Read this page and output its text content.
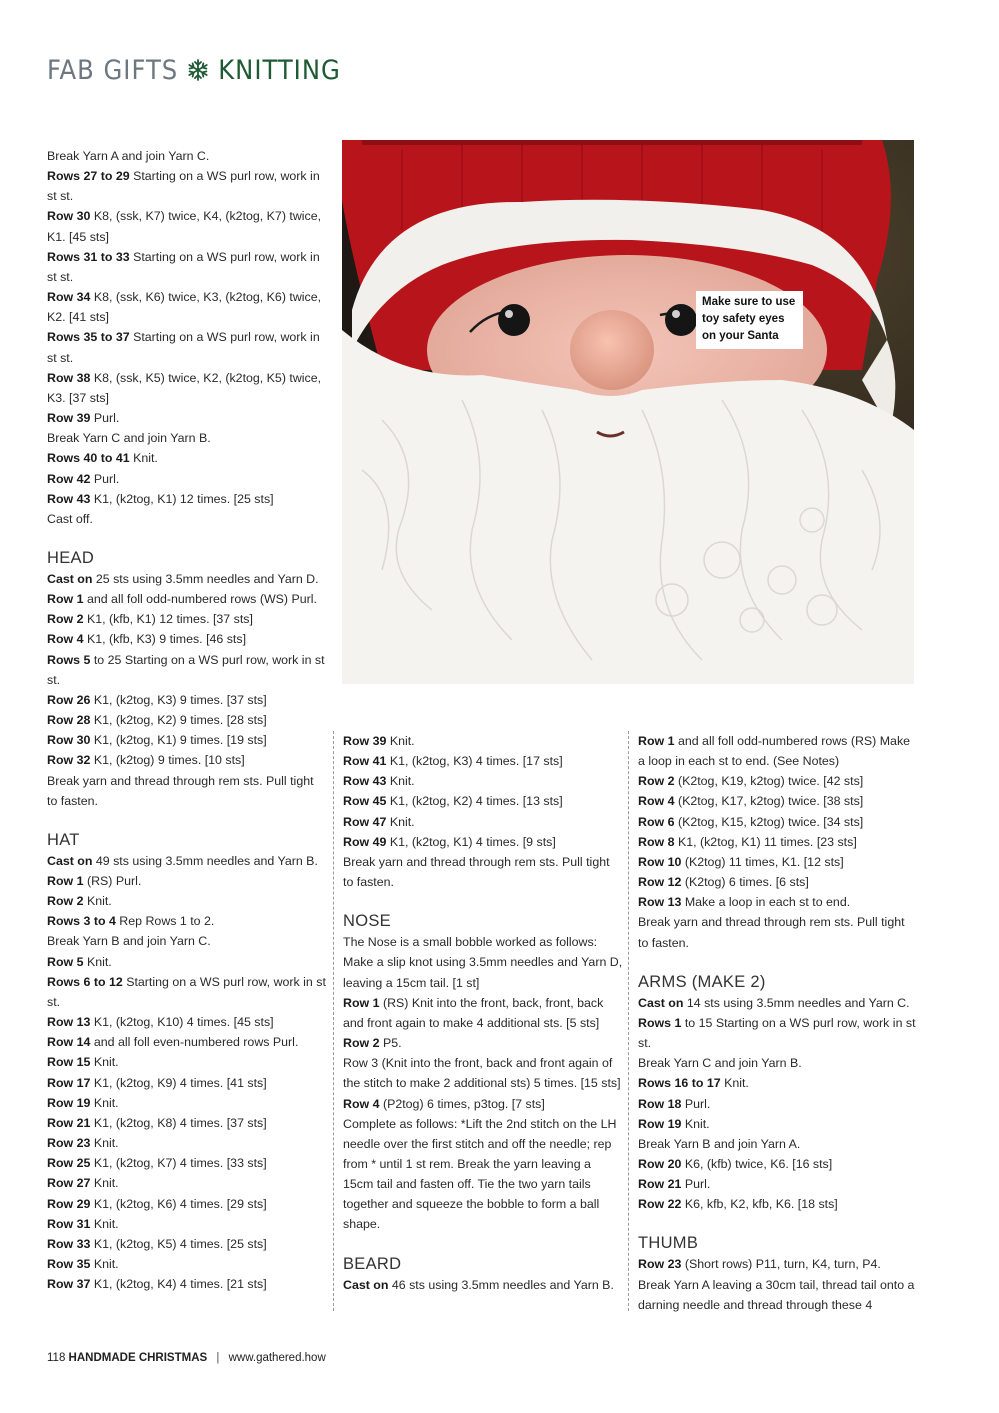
FAB GIFTS KNITTING
Make sure to use
toy safety eyes
on your Santa

Break Yarn A and join Yarn C.

Rows 27 to 29 Starting on a WS purl row, work in st st.

Row 30 K8, (ssk, K7) twice, K4, (k2tog, K7) twice, K1. [45 sts]

Rows 31 to 33 Starting on a WS purl row, work in st st.

Row 34 K8, (ssk, K6) twice, K3, (k2tog, K6) twice, K2. [41 sts]

Rows 35 to 37 Starting on a WS purl row, work in st st.

Row 38 K8, (ssk, K5) twice, K2, (k2tog, K5) twice, K3. [37 sts]

Row 39 Purl.

Break Yarn C and join Yarn B.

Rows 40 to 41 Knit.

Row 42 Purl.

Row 43 K1, (k2tog, K1) 12 times. [25 sts]

Cast off.

HEAD

Cast on 25 sts using 3.5mm needles and Yarn D.

Row 1 and all foll odd-numbered rows (WS) Purl.

Row 2 K1, (kfb, K1) 12 times. [37 sts]

Row 4 K1, (kfb, K3) 9 times. [46 sts]

Rows 5 to 25 Starting on a WS purl row, work in st st.

Row 26 K1, (k2tog, K3) 9 times. [37 sts]

Row 28 K1, (k2tog, K2) 9 times. [28 sts]

Row 30 K1, (k2tog, K1) 9 times. [19 sts]

Row 32 K1, (k2tog) 9 times. [10 sts]

Break yarn and thread through rem sts. Pull tight to fasten.

HAT

Cast on 49 sts using 3.5mm needles and Yarn B.

Row 1 (RS) Purl.

Row 2 Knit.

Rows 3 to 4 Rep Rows 1 to 2.

Break Yarn B and join Yarn C.

Row 5 Knit.

Rows 6 to 12 Starting on a WS purl row, work in st st.

Row 13 K1, (k2tog, K10) 4 times. [45 sts]

Row 14 and all foll even-numbered rows Purl.

Row 15 Knit.

Row 17 K1, (k2tog, K9) 4 times. [41 sts]

Row 19 Knit.

Row 21 K1, (k2tog, K8) 4 times. [37 sts]

Row 23 Knit.

Row 25 K1, (k2tog, K7) 4 times. [33 sts]

Row 27 Knit.

Row 29 K1, (k2tog, K6) 4 times. [29 sts]

Row 31 Knit.

Row 33 K1, (k2tog, K5) 4 times. [25 sts]

Row 35 Knit.

Row 37 K1, (k2tog, K4) 4 times. [21 sts]

Row 39 Knit.

Row 41 K1, (k2tog, K3) 4 times. [17 sts]

Row 43 Knit.

Row 45 K1, (k2tog, K2) 4 times. [13 sts]

Row 47 Knit.

Row 49 K1, (k2tog, K1) 4 times. [9 sts]

Break yarn and thread through rem sts. Pull tight to fasten.

NOSE

The Nose is a small bobble worked as follows: Make a slip knot using 3.5mm needles and Yarn D, leaving a 15cm tail. [1 st]

Row 1 (RS) Knit into the front, back, front, back and front again to make 4 additional sts. [5 sts]

Row 2 P5.

Row 3 (Knit into the front, back and front again of the stitch to make 2 additional sts) 5 times. [15 sts]

Row 4 (P2tog) 6 times, p3tog. [7 sts]

Complete as follows: *Lift the 2nd stitch on the LH needle over the first stitch and off the needle; rep from * until 1 st rem. Break the yarn leaving a 15cm tail and fasten off. Tie the two yarn tails together and squeeze the bobble to form a ball shape.

BEARD

Cast on 46 sts using 3.5mm needles and Yarn B.

Row 1 and all foll odd-numbered rows (RS) Make a loop in each st to end. (See Notes)

Row 2 (K2tog, K19, k2tog) twice. [42 sts]

Row 4 (K2tog, K17, k2tog) twice. [38 sts]

Row 6 (K2tog, K15, k2tog) twice. [34 sts]

Row 8 K1, (k2tog, K1) 11 times. [23 sts]

Row 10 (K2tog) 11 times, K1. [12 sts]

Row 12 (K2tog) 6 times. [6 sts]

Row 13 Make a loop in each st to end.

Break yarn and thread through rem sts. Pull tight to fasten.

ARMS (MAKE 2)

Cast on 14 sts using 3.5mm needles and Yarn C.

Rows 1 to 15 Starting on a WS purl row, work in st st.

Break Yarn C and join Yarn B.

Rows 16 to 17 Knit.

Row 18 Purl.

Row 19 Knit.

Break Yarn B and join Yarn A.

Row 20 K6, (kfb) twice, K6. [16 sts]

Row 21 Purl.

Row 22 K6, kfb, K2, kfb, K6. [18 sts]

THUMB

Row 23 (Short rows) P11, turn, K4, turn, P4.

Break Yarn A leaving a 30cm tail, thread tail onto a darning needle and thread through these 4

118 HANDMADE CHRISTMAS | www.gathered.how
